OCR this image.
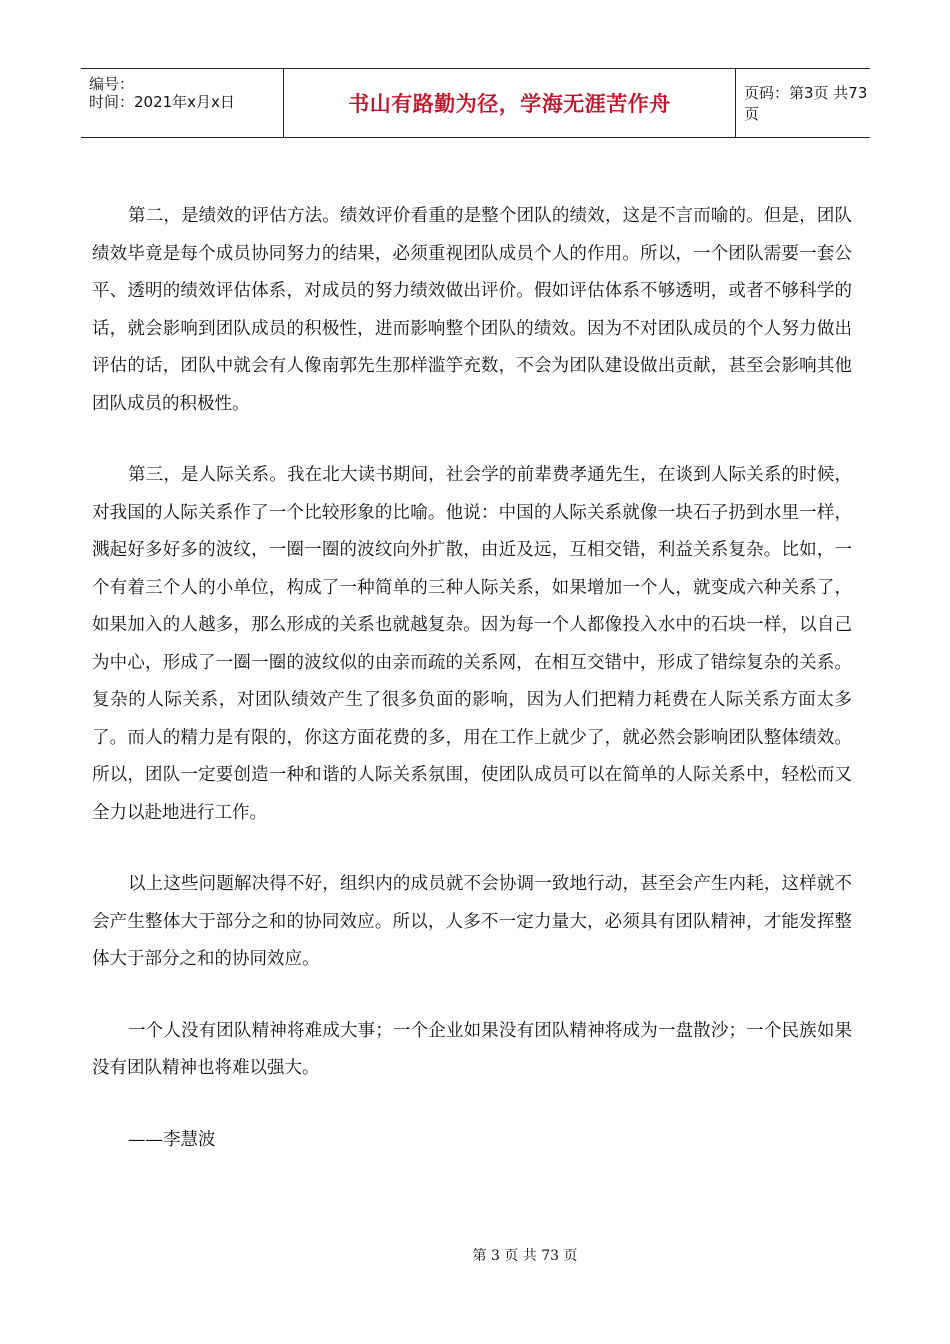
编号：
时间：2021年x月x日	书山有路勤为径，学海无涯苦作舟	页码：第3页 共73页

第二，是绩效的评估方法。绩效评价看重的是整个团队的绩效，这是不言而喻的。但是，团队绩效毕竟是每个成员协同努力的结果，必须重视团队成员个人的作用。所以，一个团队需要一套公平、透明的绩效评估体系，对成员的努力绩效做出评价。假如评估体系不够透明，或者不够科学的话，就会影响到团队成员的积极性，进而影响整个团队的绩效。因为不对团队成员的个人努力做出评估的话，团队中就会有人像南郭先生那样滥竽充数，不会为团队建设做出贡献，甚至会影响其他团队成员的积极性。

第三，是人际关系。我在北大读书期间，社会学的前辈费孝通先生，在谈到人际关系的时候，对我国的人际关系作了一个比较形象的比喻。他说：中国的人际关系就像一块石子扔到水里一样，溅起好多好多的波纹，一圈一圈的波纹向外扩散，由近及远，互相交错，利益关系复杂。比如，一个有着三个人的小单位，构成了一种简单的三种人际关系，如果增加一个人，就变成六种关系了，如果加入的人越多，那么形成的关系也就越复杂。因为每一个人都像投入水中的石块一样，以自己为中心，形成了一圈一圈的波纹似的由亲而疏的关系网，在相互交错中，形成了错综复杂的关系。复杂的人际关系，对团队绩效产生了很多负面的影响，因为人们把精力耗费在人际关系方面太多了。而人的精力是有限的，你这方面花费的多，用在工作上就少了，就必然会影响团队整体绩效。所以，团队一定要创造一种和谐的人际关系氛围，使团队成员可以在简单的人际关系中，轻松而又全力以赴地进行工作。

以上这些问题解决得不好，组织内的成员就不会协调一致地行动，甚至会产生内耗，这样就不会产生整体大于部分之和的协同效应。所以，人多不一定力量大，必须具有团队精神，才能发挥整体大于部分之和的协同效应。

一个人没有团队精神将难成大事；一个企业如果没有团队精神将成为一盘散沙；一个民族如果没有团队精神也将难以强大。

——李慧波

第 3 页 共 73 页
